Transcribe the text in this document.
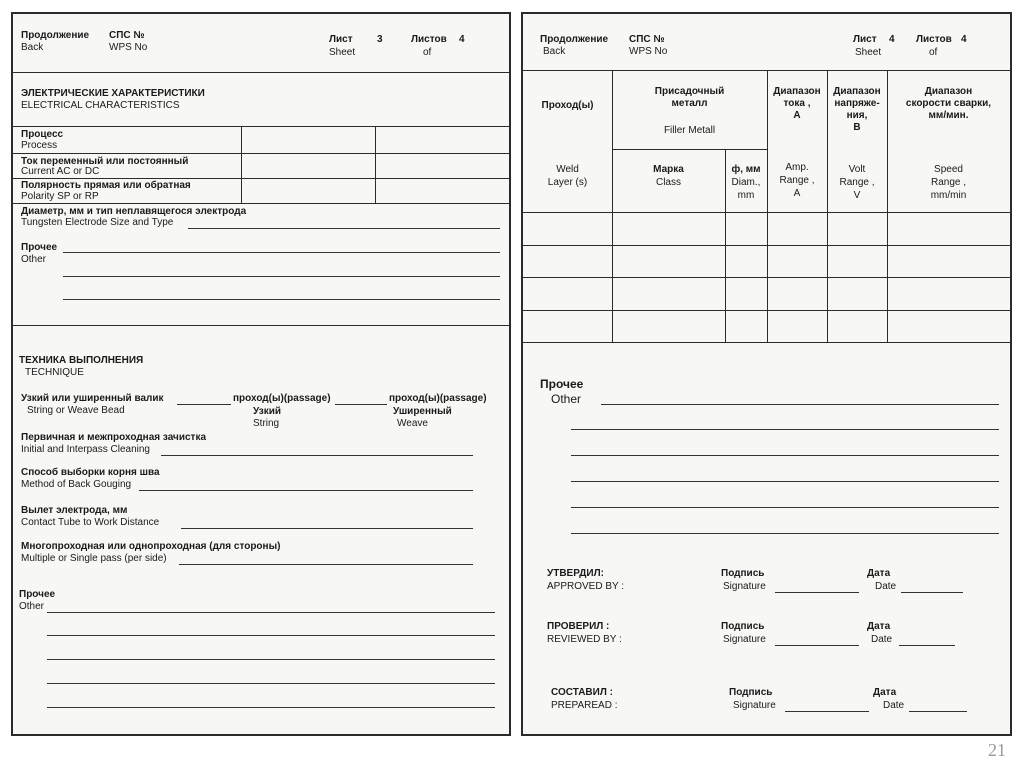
Продолжение
Back
СПС №
WPS No
Лист
Sheet
3	Листов
of
4
ЭЛЕКТРИЧЕСКИЕ ХАРАКТЕРИСТИКИ
ELECTRICAL CHARACTERISTICS
Процесс
Process
Ток переменный или постоянный
Current AC or DC
Полярность прямая или обратная
Polarity SP or RP
Диаметр, мм и тип неплавящегося электрода
Tungsten Electrode Size and Type
Прочее
Other
ТЕХНИКА ВЫПОЛНЕНИЯ
TECHNIQUE
Узкий или уширенный валик
String or Weave Bead
проход(ы)(passage)	проход(ы)(passage)
Узкий
String
Уширенный
Weave
Первичная и межпроходная зачистка
Initial and Interpass Cleaning
Способ выборки корня шва
Method of Back Gouging
Вылет электрода, мм
Contact Tube to Work Distance
Многопроходная или однопроходная (для стороны)
Multiple or Single pass (per side)
Прочее
Other
Продолжение
Back
СПС №
WPS No
Лист
Sheet
4 Листов
of
4
Проход(ы)
Weld
Layer (s)
Присадочный
металл
Filler Metall
Марка
Class
ф, мм
Diam.,
mm
Диапазон
тока ,
А
Amp.
Range ,
A
Диапазон
напряже-
ния,
В
Volt
Range ,
V
Диапазон
скорости сварки,
мм/мин.
Speed
Range ,
mm/min
Прочее
Other
УТВЕРДИЛ:
APPROVED BY :
Подпись
Signature
Дата
Date
ПРОВЕРИЛ :
REVIEWED BY :
Подпись
Signature
Дата
Date
СОСТАВИЛ :
PREPAREAD :
Подпись
Signature
Дата
Date
21
